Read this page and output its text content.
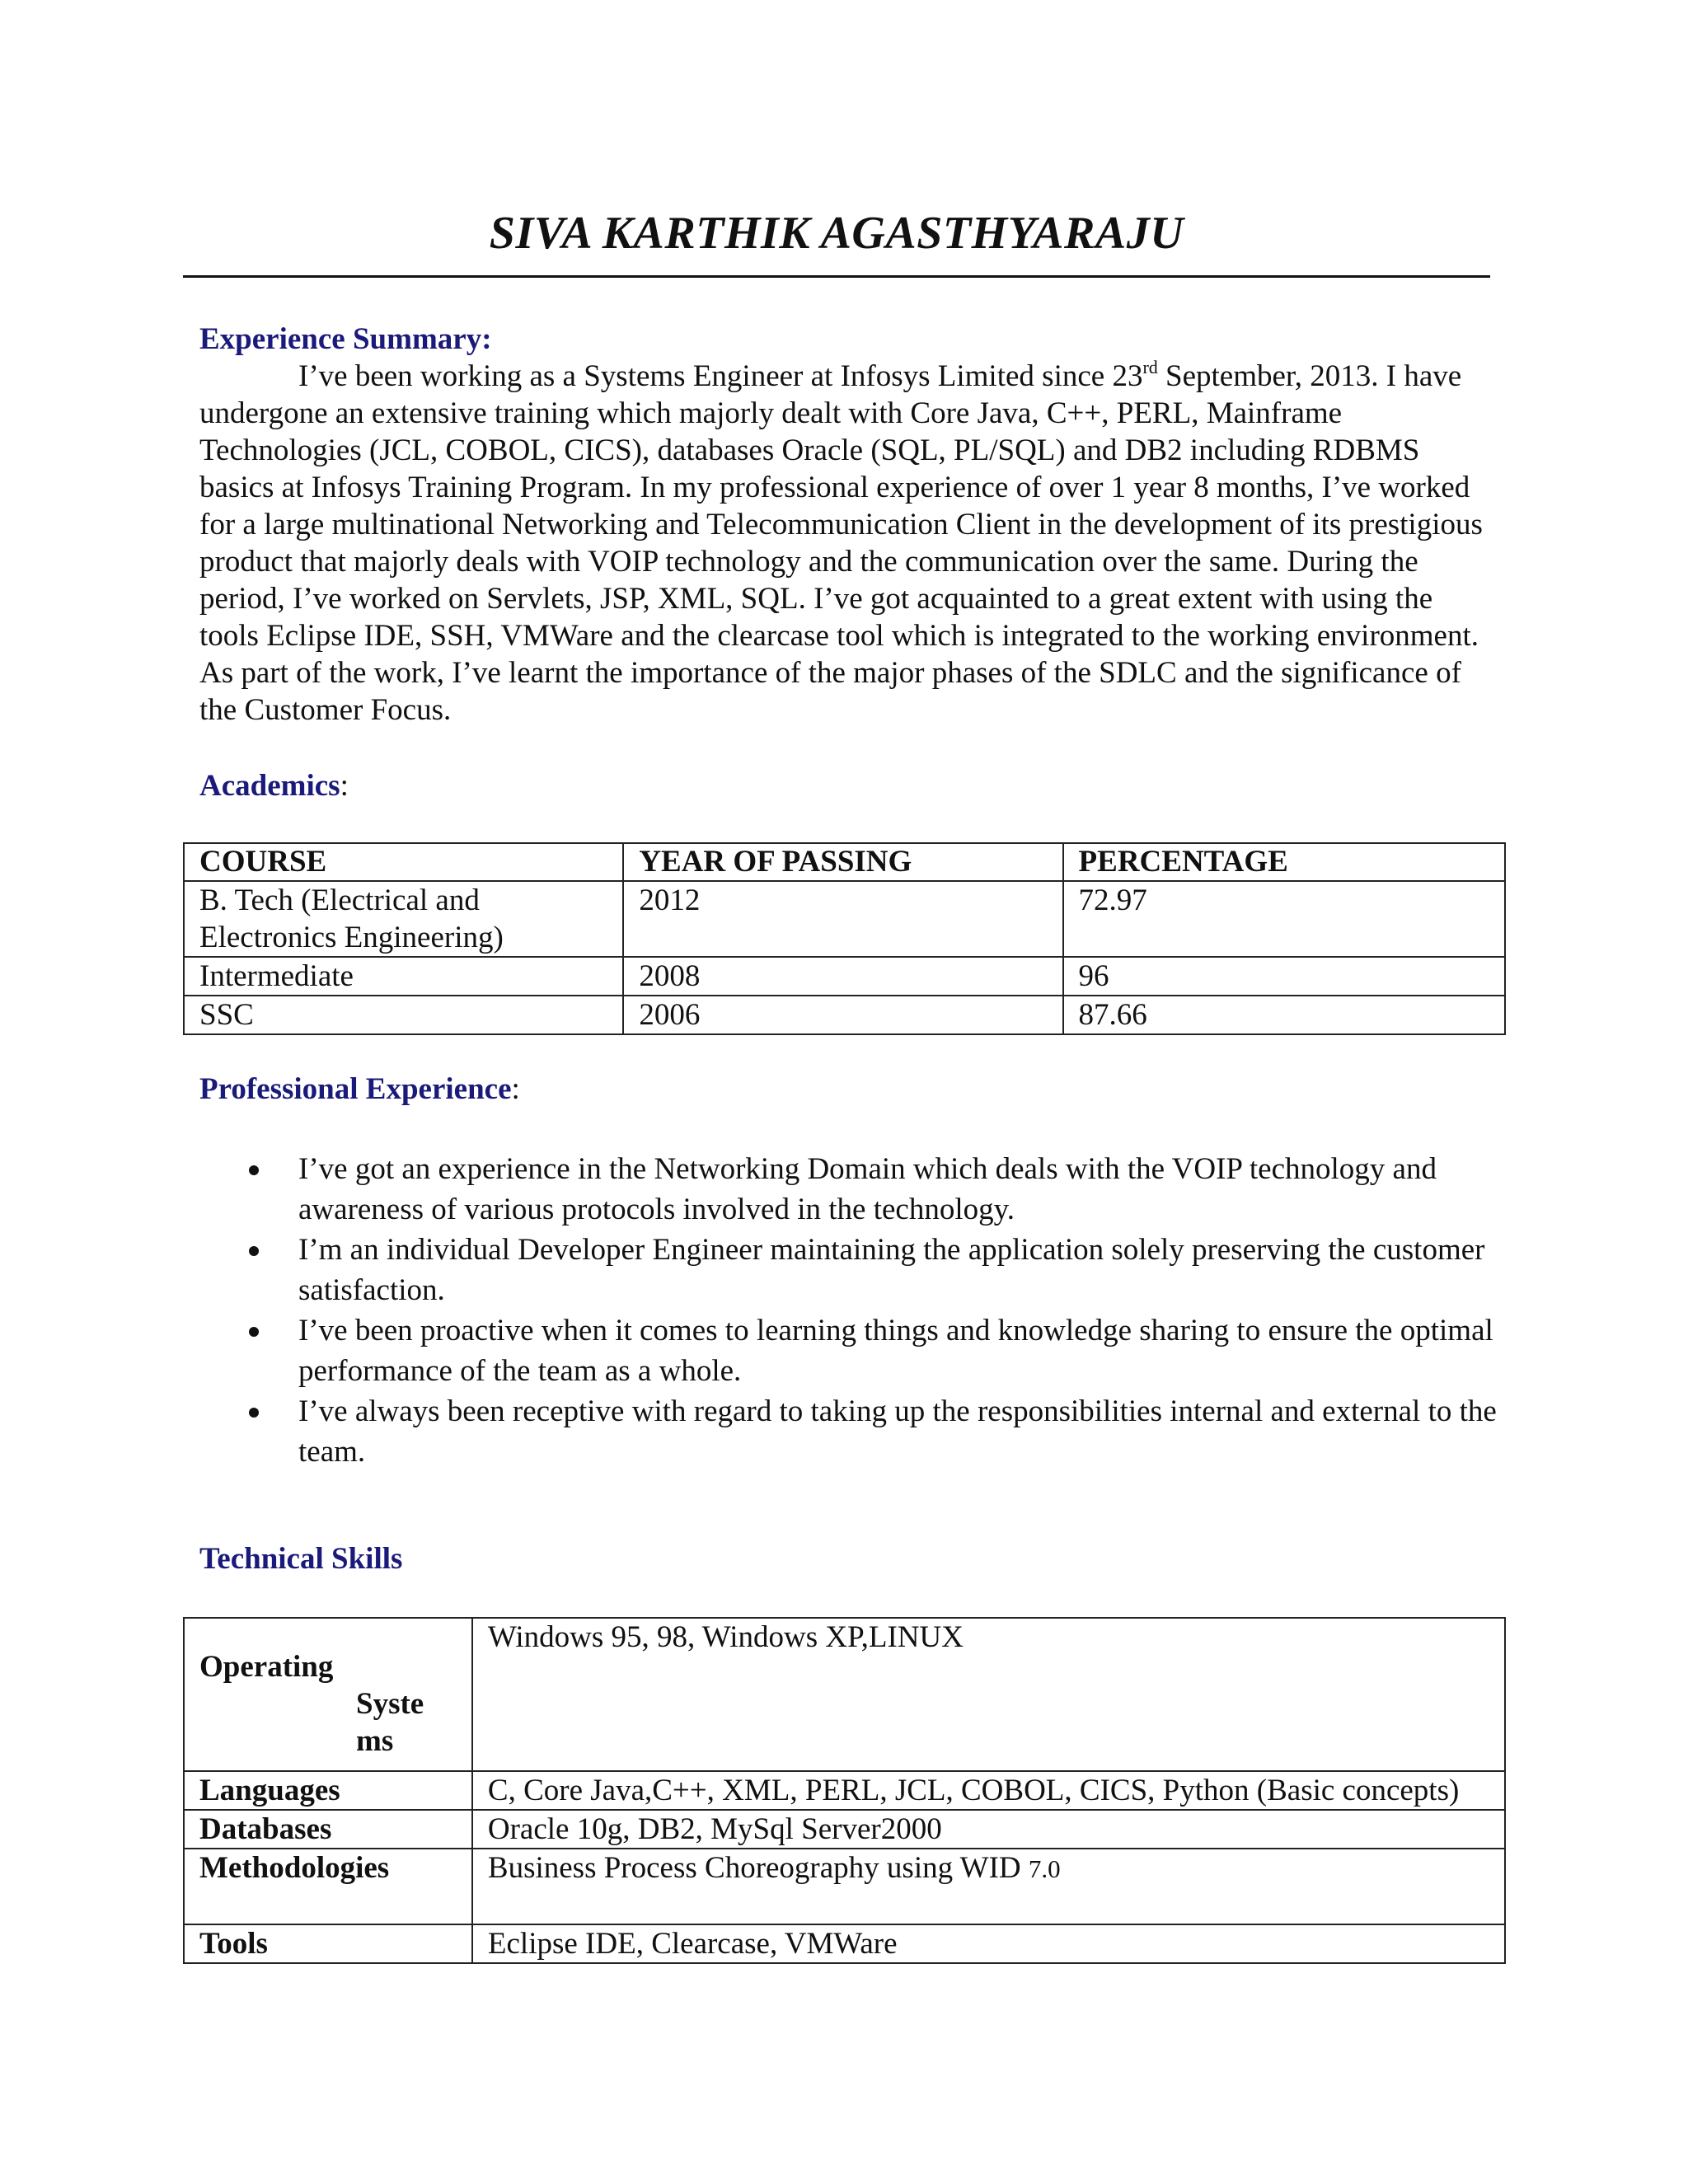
SIVA KARTHIK AGASTHYARAJU
Experience Summary:
I’ve been working as a Systems Engineer at Infosys Limited since 23rd September, 2013. I have undergone an extensive training which majorly dealt with Core Java, C++, PERL, Mainframe Technologies (JCL, COBOL, CICS), databases Oracle (SQL, PL/SQL) and DB2 including RDBMS basics at Infosys Training Program. In my professional experience of over 1 year 8 months, I’ve worked for a large multinational Networking and Telecommunication Client in the development of its prestigious product that majorly deals with VOIP technology and the communication over the same. During the period, I’ve worked on Servlets, JSP, XML, SQL. I’ve got acquainted to a great extent with using the tools Eclipse IDE, SSH, VMWare and the clearcase tool which is integrated to the working environment. As part of the work, I’ve learnt the importance of the major phases of the SDLC and the significance of the Customer Focus.
Academics:
COURSE	YEAR OF PASSING	PERCENTAGE

B. Tech (Electrical and
Electronics Engineering)	2012	72.97
Intermediate	2008	96
SSC	2006	87.66
Professional Experience:
I’ve got an experience in the Networking Domain which deals with the VOIP technology and awareness of various protocols involved in the technology.
I’m an individual Developer Engineer maintaining the application solely preserving the customer satisfaction.
I’ve been proactive when it comes to learning things and knowledge sharing to ensure the optimal performance of the team as a whole.
I’ve always been receptive with regard to taking up the responsibilities internal and external to the team.
Technical Skills
Operating
Syste
ms	Windows 95, 98, Windows XP,LINUX
Languages	C, Core Java,C++, XML, PERL, JCL, COBOL, CICS, Python (Basic concepts)
Databases	Oracle 10g, DB2, MySql Server2000
Methodologies	Business Process Choreography using WID 7.0
Tools	Eclipse IDE, Clearcase, VMWare
